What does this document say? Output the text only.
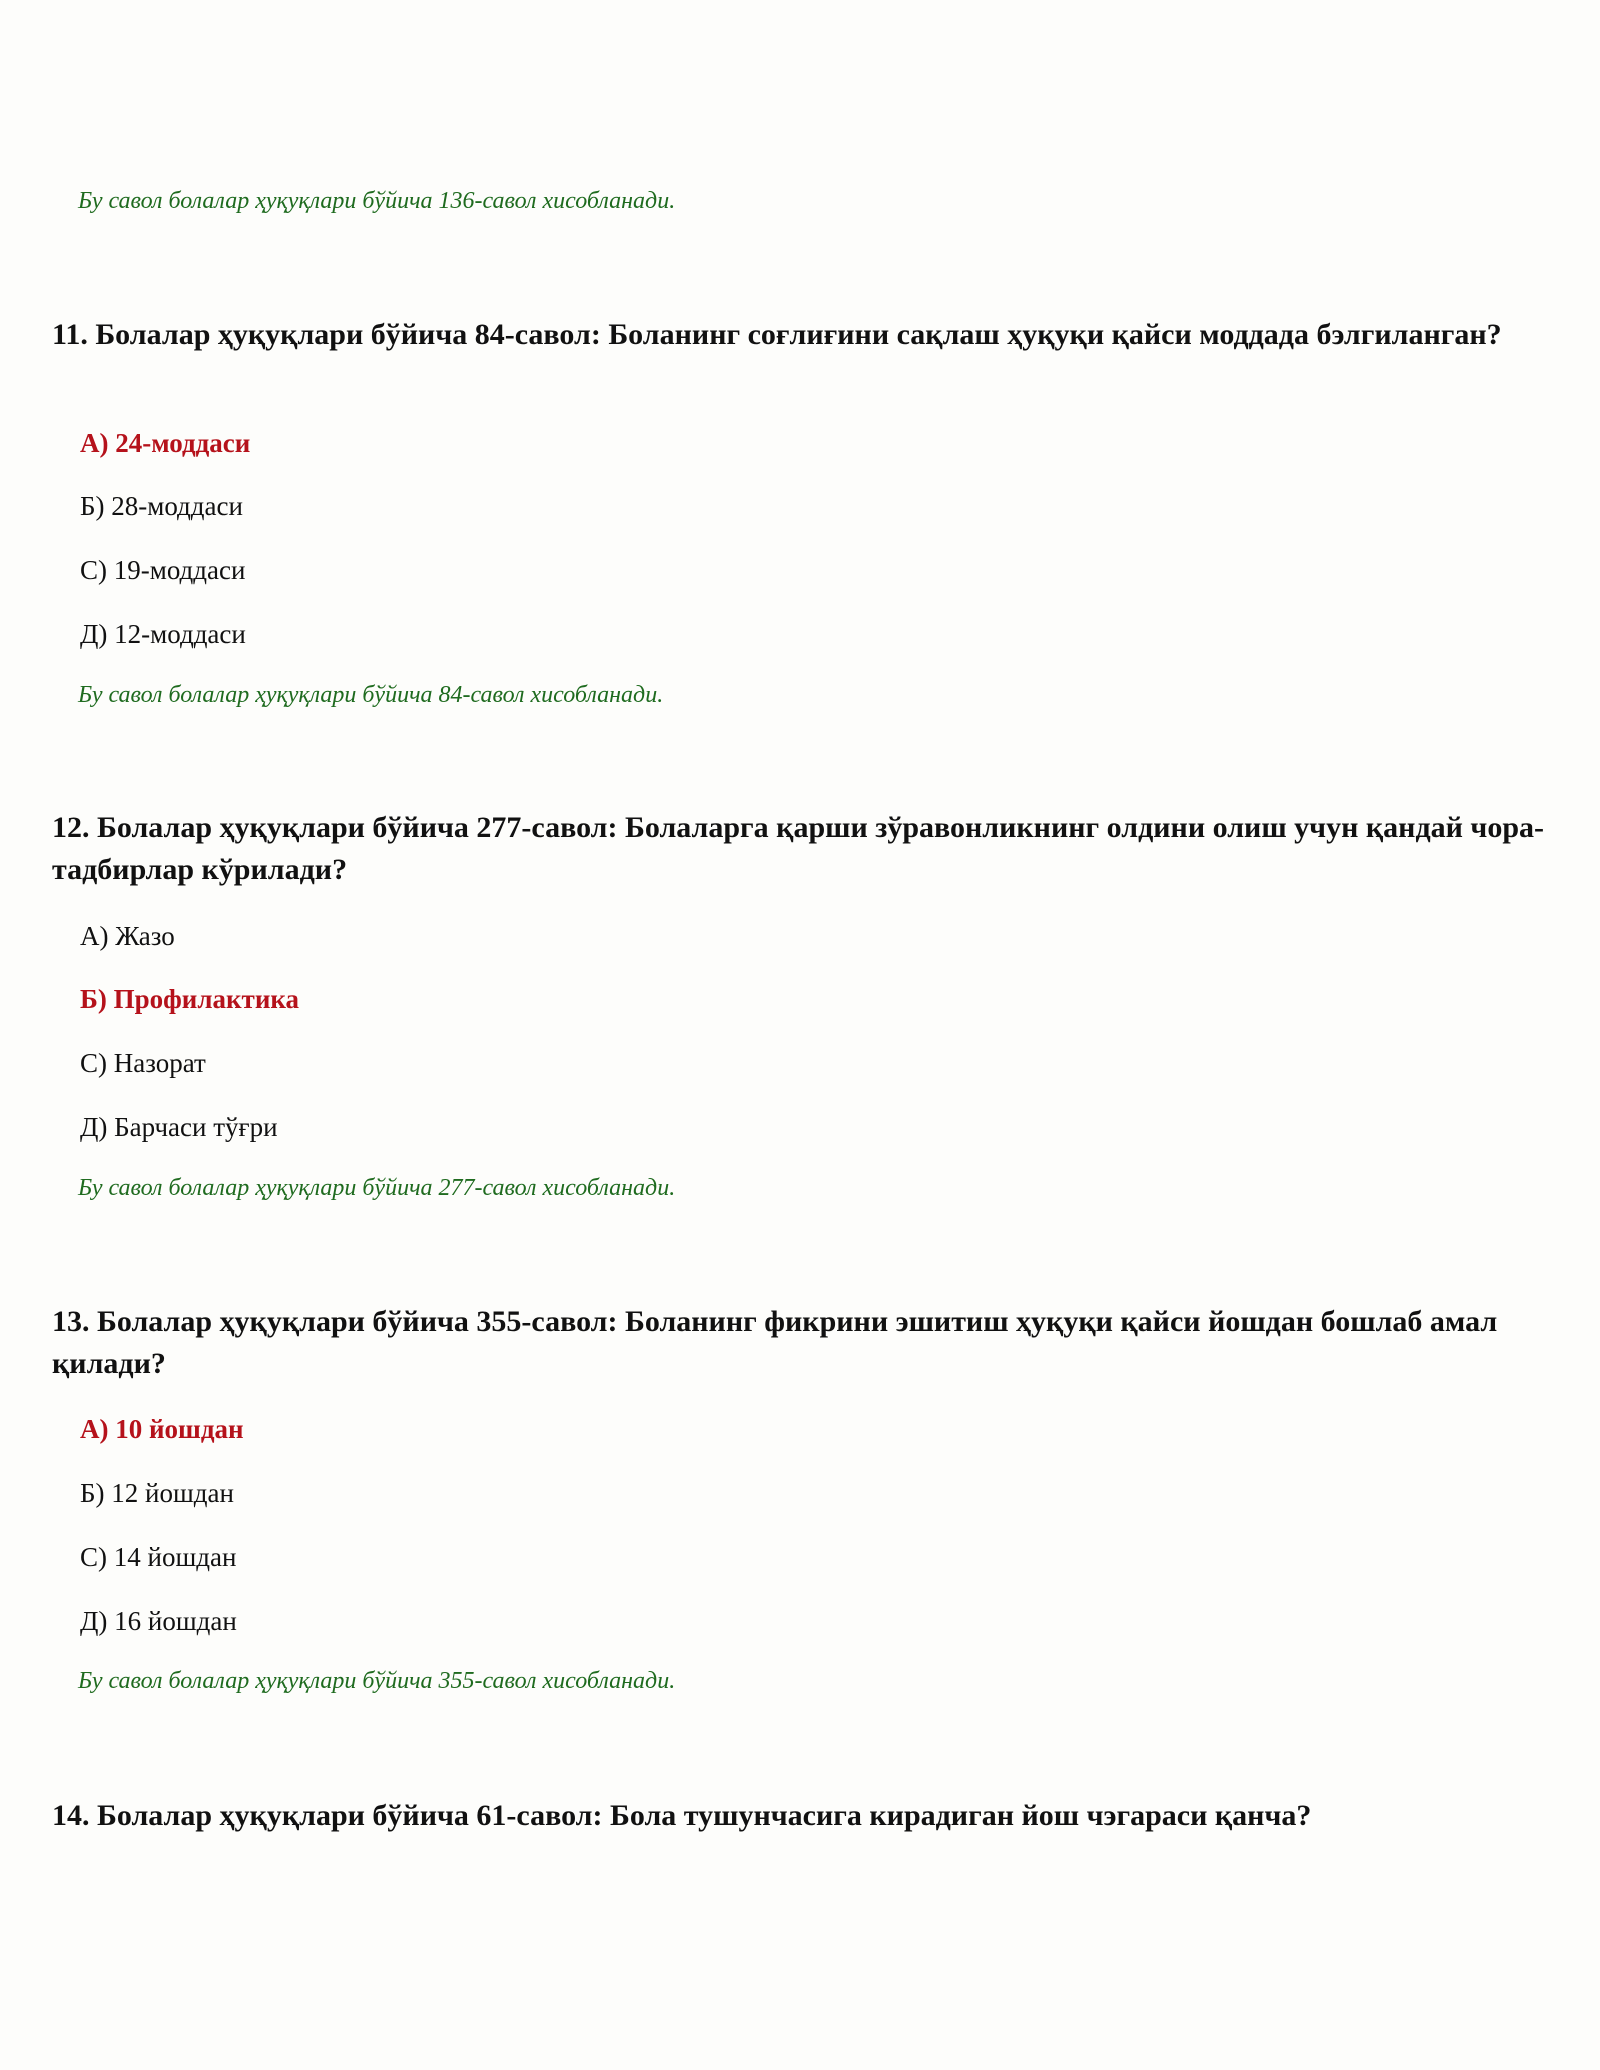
Бу савол болалар ҳуқуқлари бўйича 136-савол хисобланади.
11. Болалар ҳуқуқлари бўйича 84-савол: Боланинг соғлиғини сақлаш ҳуқуқи қайси моддада бэлгиланган?
А) 24-моддаси
Б) 28-моддаси
С) 19-моддаси
Д) 12-моддаси
Бу савол болалар ҳуқуқлари бўйича 84-савол хисобланади.
12. Болалар ҳуқуқлари бўйича 277-савол: Болаларга қарши зўравонликнинг олдини олиш учун қандай чора-тадбирлар кўрилади?
А) Жазо
Б) Профилактика
С) Назорат
Д) Барчаси тўғри
Бу савол болалар ҳуқуқлари бўйича 277-савол хисобланади.
13. Болалар ҳуқуқлари бўйича 355-савол: Боланинг фикрини эшитиш ҳуқуқи қайси йошдан бошлаб амал қилади?
А) 10 йошдан
Б) 12 йошдан
С) 14 йошдан
Д) 16 йошдан
Бу савол болалар ҳуқуқлари бўйича 355-савол хисобланади.
14. Болалар ҳуқуқлари бўйича 61-савол: Бола тушунчасига кирадиган йош чэгараси қанча?
